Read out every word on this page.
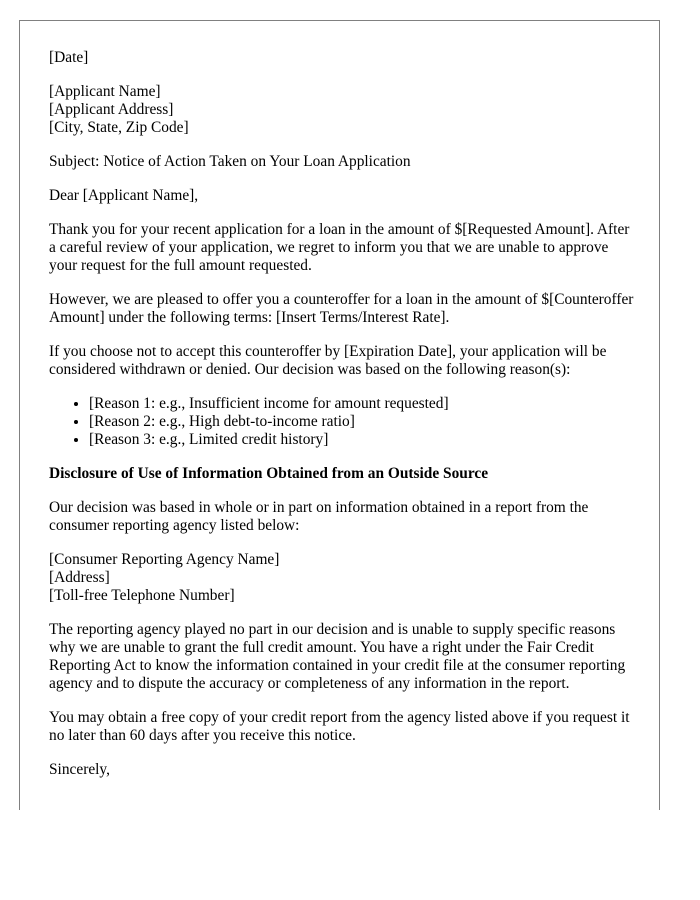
[Date]
[Applicant Name]
[Applicant Address]
[City, State, Zip Code]
Subject: Notice of Action Taken on Your Loan Application
Dear [Applicant Name],

Thank you for your recent application for a loan in the amount of $[Requested Amount]. After a careful review of your application, we regret to inform you that we are unable to approve your request for the full amount requested.

However, we are pleased to offer you a counteroffer for a loan in the amount of $[Counteroffer Amount] under the following terms: [Insert Terms/Interest Rate].

If you choose not to accept this counteroffer by [Expiration Date], your application will be considered withdrawn or denied. Our decision was based on the following reason(s):

• [Reason 1: e.g., Insufficient income for amount requested]
• [Reason 2: e.g., High debt-to-income ratio]
• [Reason 3: e.g., Limited credit history]
Disclosure of Use of Information Obtained from an Outside Source

Our decision was based in whole or in part on information obtained in a report from the consumer reporting agency listed below:

[Consumer Reporting Agency Name]
[Address]
[Toll-free Telephone Number]

The reporting agency played no part in our decision and is unable to supply specific reasons why we are unable to grant the full credit amount. You have a right under the Fair Credit Reporting Act to know the information contained in your credit file at the consumer reporting agency and to dispute the accuracy or completeness of any information in the report.

You may obtain a free copy of your credit report from the agency listed above if you request it no later than 60 days after you receive this notice.

Sincerely,
